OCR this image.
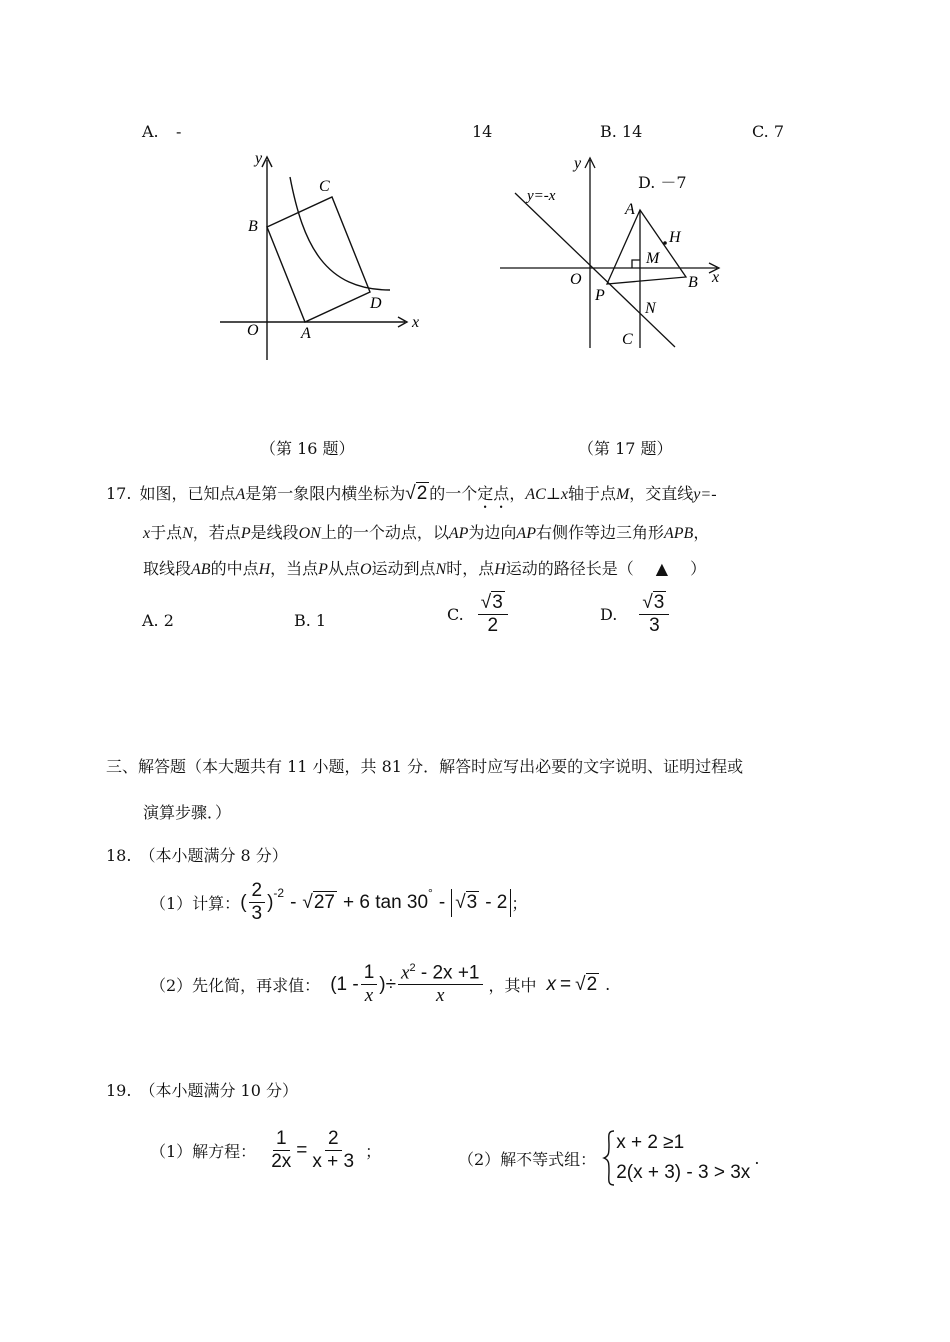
A. -	14	B. 14	C. 7
D. －7
y
x
O	A
B
C
D
y
x
y=-x
O
A
H
M
B
P
N
C
（第 16 题）	（第 17 题）
17. 如图，已知点A是第一象限内横坐标为√2 的一个定点，AC⊥x轴于点M，交直线y=-
x于点N，若点P是线段ON上的一个动点，以AP为边向AP右侧作等边三角形APB，
取线段AB的中点H，当点P从点O运动到点N时，点H运动的路径长是（ ▲ ）
A. 2	B. 1	C. $\frac{√3}{2}$	D. $\frac{√3}{3}$
三、解答题（本大题共有 11 小题，共 81 分．解答时应写出必要的文字说明、证明过程或
演算步骤．）
18.　（本小题满分 8 分）
（1）计算： ( $\frac{2}{3} )^{-2} - √27 + 6$ tan 30° - √3 - 2 ；
（2）先化简，再求值： ($1 - \frac{1}{x}$ ) ÷ $\frac{x^2 - 2x +1}{x}$ ，其中 x = √2 .
19.　（本小题满分 10 分）
（1）解方程： $\frac{1}{2x} = \frac{2}{x + 3}$ ；	（2）解不等式组：
x + 2 ≥1
2(x + 3) - 3 > 3x
.
